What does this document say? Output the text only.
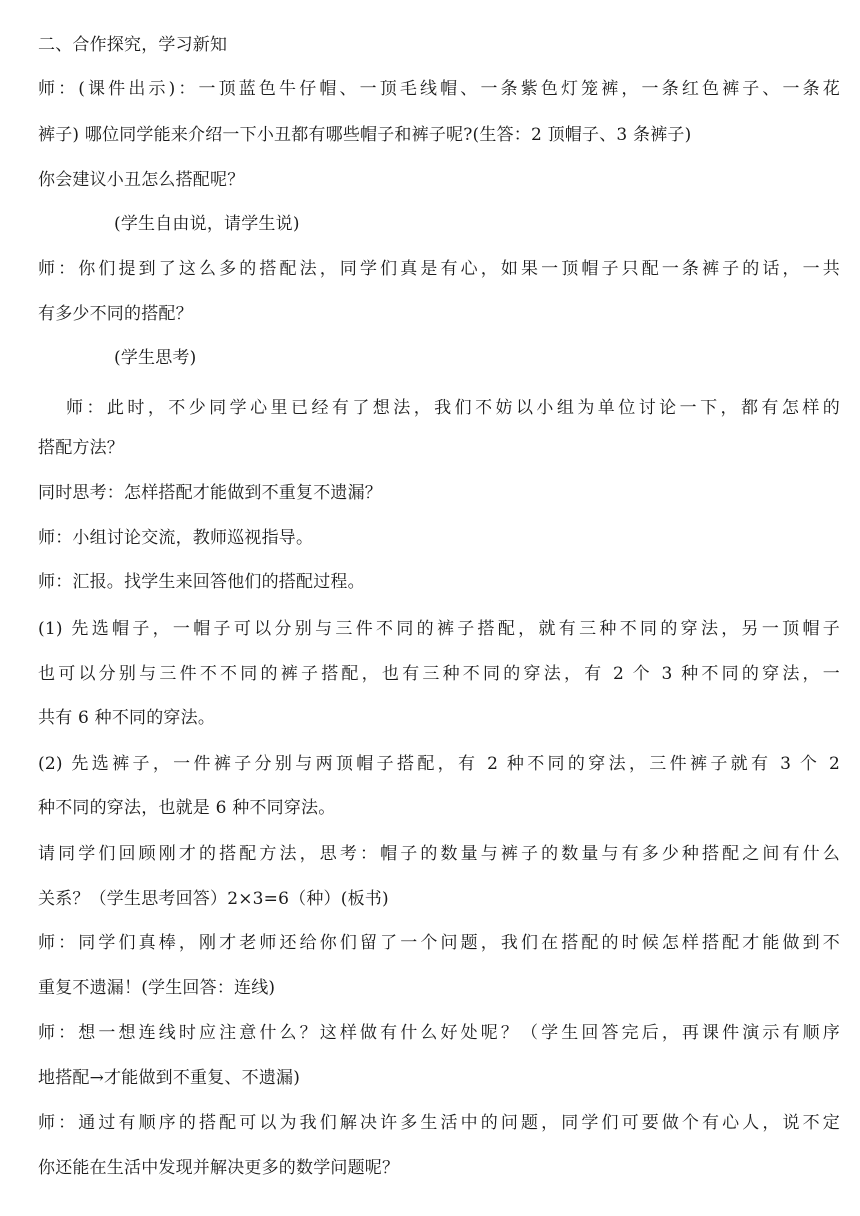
二、合作探究，学习新知
师：(课件出示)：一顶蓝色牛仔帽、一顶毛线帽、一条紫色灯笼裤，一条红色裤子、一条花
裤子) 哪位同学能来介绍一下小丑都有哪些帽子和裤子呢?(生答：2 顶帽子、3 条裤子)
你会建议小丑怎么搭配呢？
(学生自由说，请学生说)
师：你们提到了这么多的搭配法，同学们真是有心，如果一顶帽子只配一条裤子的话，一共
有多少不同的搭配？
(学生思考)
师：此时，不少同学心里已经有了想法，我们不妨以小组为单位讨论一下，都有怎样的
搭配方法？
同时思考：怎样搭配才能做到不重复不遗漏？
师：小组讨论交流，教师巡视指导。
师：汇报。找学生来回答他们的搭配过程。
(1) 先选帽子，一帽子可以分别与三件不同的裤子搭配，就有三种不同的穿法，另一顶帽子
也可以分别与三件不不同的裤子搭配，也有三种不同的穿法，有 2 个 3 种不同的穿法，一
共有 6 种不同的穿法。
(2) 先选裤子，一件裤子分别与两顶帽子搭配，有 2 种不同的穿法，三件裤子就有 3 个 2
种不同的穿法，也就是 6 种不同穿法。
请同学们回顾刚才的搭配方法，思考：帽子的数量与裤子的数量与有多少种搭配之间有什么
关系？（学生思考回答）2×3=6（种）(板书)
师：同学们真棒，刚才老师还给你们留了一个问题，我们在搭配的时候怎样搭配才能做到不
重复不遗漏！(学生回答：连线)
师：想一想连线时应注意什么？这样做有什么好处呢？（学生回答完后，再课件演示有顺序
地搭配→才能做到不重复、不遗漏)
师：通过有顺序的搭配可以为我们解决许多生活中的问题，同学们可要做个有心人，说不定
你还能在生活中发现并解决更多的数学问题呢？
